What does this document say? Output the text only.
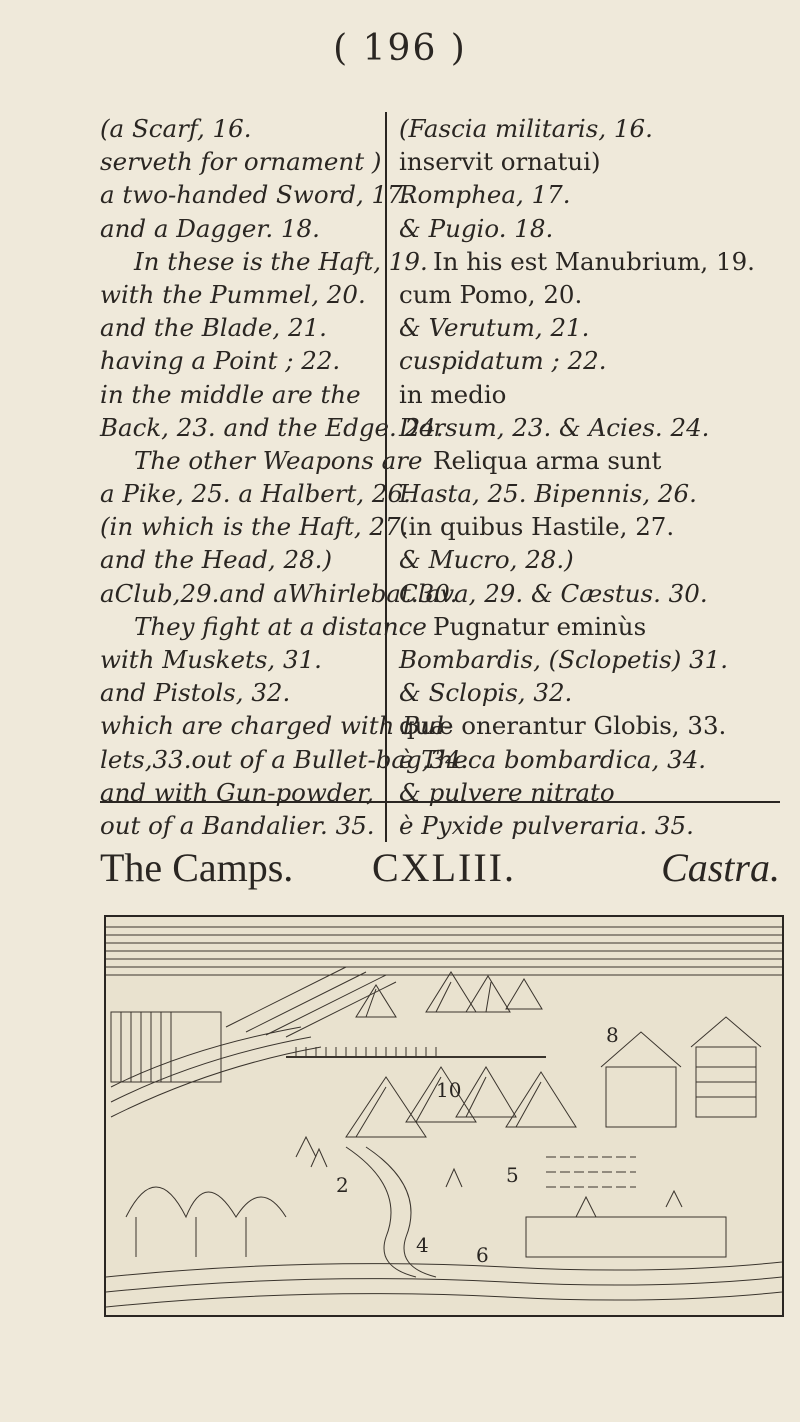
( 196 )
(a Scarf, 16.
serveth for ornament )
a two-handed Sword, 17.
and a Dagger. 18.
In these is the Haft, 19.
with the Pummel, 20.
and the Blade, 21.
having a Point ; 22.
in the middle are the
Back, 23. and the Edge. 24.
The other Weapons are
a Pike, 25. a Halbert, 26.
(in which is the Haft, 27.
and the Head, 28.)
aClub,29.and aWhirlebat.30.
They fight at a distance
with Muskets, 31.
and Pistols, 32.
which are charged with Bul-
lets,33.out of a Bullet-bag,34.
and with Gun-powder,
out of a Bandalier. 35.
(Fascia militaris, 16.
inservit ornatui)
Romphea, 17.
& Pugio. 18.
In his est Manubrium, 19.
cum Pomo, 20.
& Verutum, 21.
cuspidatum ; 22.
in medio
Dorsum, 23. & Acies. 24.
Reliqua arma sunt
Hasta, 25. Bipennis, 26.
(in quibus Hastile, 27.
& Mucro, 28.)
Clava, 29. & Cæstus. 30.
Pugnatur eminùs
Bombardis, (Sclopetis) 31.
& Sclopis, 32.
quæ onerantur Globis, 33.
è Theca bombardica, 34.
& pulvere nitrato
è Pyxide pulveraria. 35.
The Camps. CXLIII.	Castra.
8
10
2	5
4 6
